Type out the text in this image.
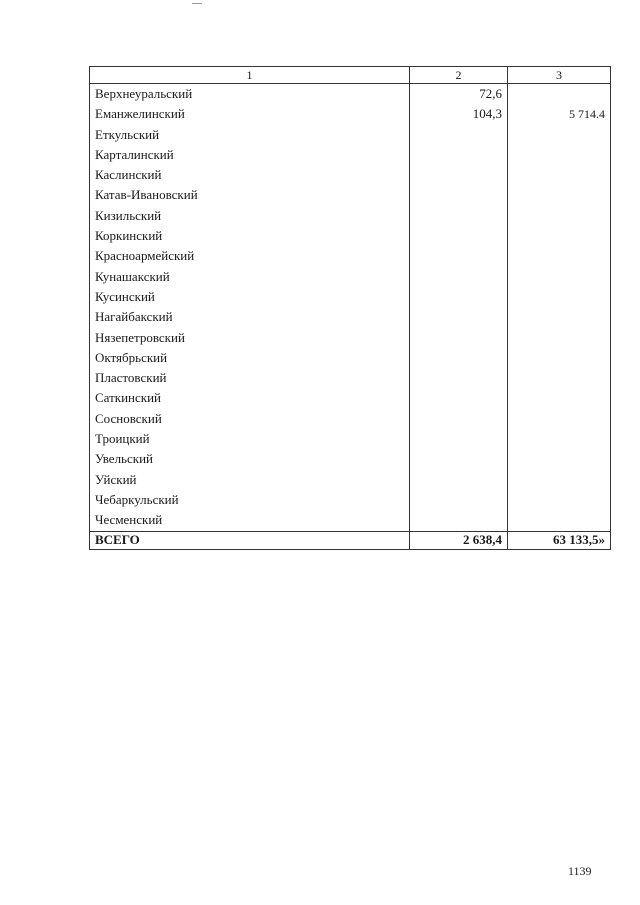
1	2	3
Верхнеуральский	72,6	
Еманжелинский	104,3	5 714.4
Еткульский		
Карталинский		
Каслинский		
Катав-Ивановский		
Кизильский		
Коркинский		
Красноармейский		
Кунашакский		
Кусинский		
Нагайбакский		
Нязепетровский		
Октябрьский		
Пластовский		
Саткинский		
Сосновский		
Троицкий		
Увельский		
Уйский		
Чебаркульский		
Чесменский		
ВСЕГО	2 638,4	63 133,5»
1139
